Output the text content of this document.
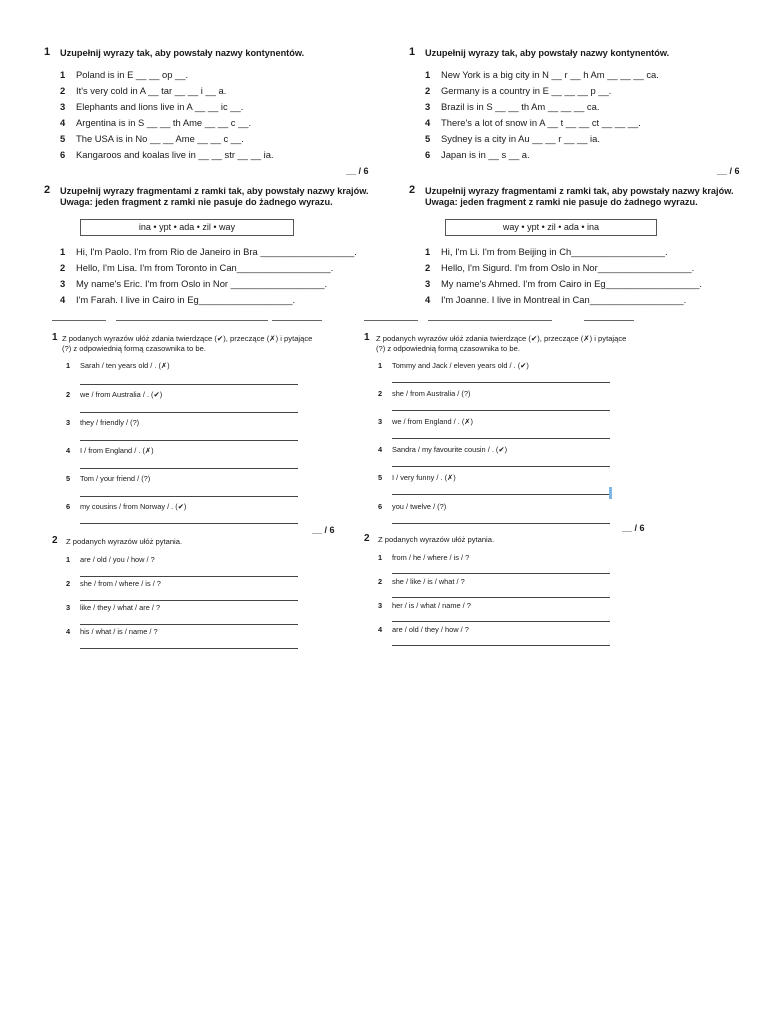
1 Uzupełnij wyrazy tak, aby powstały nazwy kontynentów.
1	Poland is in E __ __ op __.
2	It's very cold in A __ tar __ __ i __ a.
3	Elephants and lions live in A __ __ ic __.
4	Argentina is in S __ __ th Ame __ __ c __.
5	The USA is in No __ __ Ame __ __ c __.
6	Kangaroos and koalas live in __ __ str __ __ ia.
__ / 6
2 Uzupełnij wyrazy fragmentami z ramki tak, aby powstały nazwy krajów. Uwaga: jeden fragment z ramki nie pasuje do żadnego wyrazu.
ina • ypt • ada • zil • way
1	Hi, I'm Paolo. I'm from Rio de Janeiro in Bra __________________.
2	Hello, I'm Lisa. I'm from Toronto in Can__________________.
3	My name's Eric. I'm from Oslo in Nor __________________.
4	I'm Farah. I live in Cairo in Eg__________________.
1 Z podanych wyrazów ułóż zdania twierdzące (✔), przeczące (✗) i pytające (?) z odpowiednią formą czasownika to be.
1 Sarah / ten years old / . (✗)
2 we / from Australia / . (✔)
3 they / friendly / (?)
4 I / from England / . (✗)
5 Tom / your friend / (?)
6 my cousins / from Norway / . (✔)
__ / 6
2 Z podanych wyrazów ułóż pytania.
1 are / old / you / how / ?
2 she / from / where / is / ?
3 like / they / what / are / ?
4 his / what / is / name / ?
1 Uzupełnij wyrazy tak, aby powstały nazwy kontynentów.
1	New York is a big city in N __ r __ h Am __ __ __ ca.
2	Germany is a country in E __ __ __ p __.
3	Brazil is in S __ __ th Am __ __ __ ca.
4	There's a lot of snow in A __ t __ __ ct __ __ __.
5	Sydney is a city in Au __ __ r __ __ ia.
6	Japan is in __ s __ a.
__ / 6
2 Uzupełnij wyrazy fragmentami z ramki tak, aby powstały nazwy krajów. Uwaga: jeden fragment z ramki nie pasuje do żadnego wyrazu.
way • ypt • zil • ada • ina
1	Hi, I'm Li. I'm from Beijing in Ch__________________.
2	Hello, I'm Sigurd. I'm from Oslo in Nor__________________.
3	My name's Ahmed. I'm from Cairo in Eg__________________.
4	I'm Joanne. I live in Montreal in Can__________________.
1 Z podanych wyrazów ułóż zdania twierdzące (✔), przeczące (✗) i pytające (?) z odpowiednią formą czasownika to be.
1 Tommy and Jack / eleven years old / . (✔)
2 she / from Australia / (?)
3 we / from England / . (✗)
4 Sandra / my favourite cousin / . (✔)
5 I / very funny / . (✗)
6 you / twelve / (?)
__ / 6
2 Z podanych wyrazów ułóż pytania.
1 from / he / where / is / ?
2 she / like / is / what / ?
3 her / is / what / name / ?
4 are / old / they / how / ?
